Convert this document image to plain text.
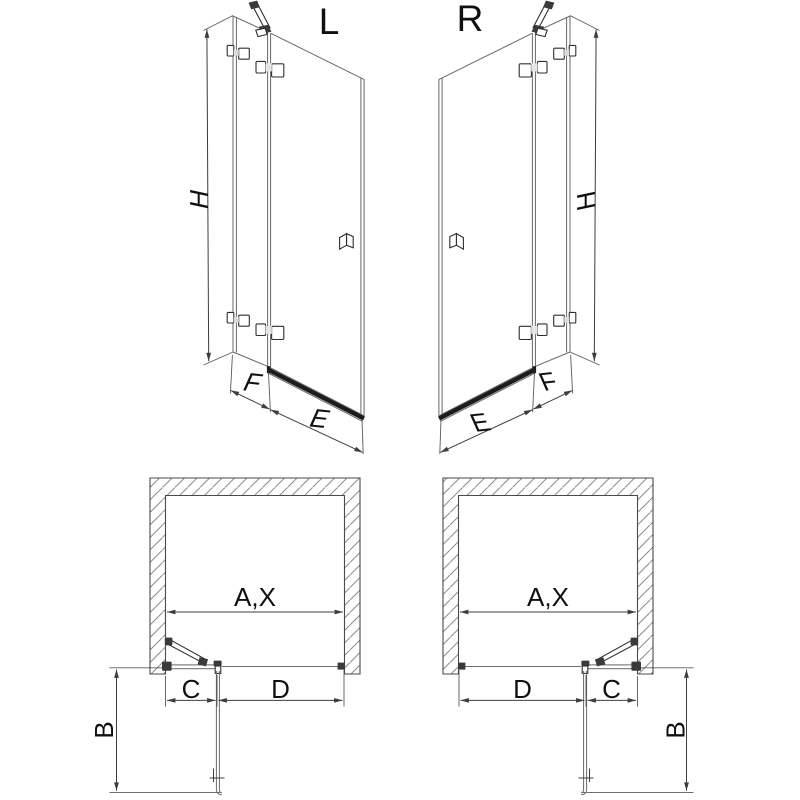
L
H
F
E
R
H
E
F
A,X
C	D
B
A,X
D	C
B
